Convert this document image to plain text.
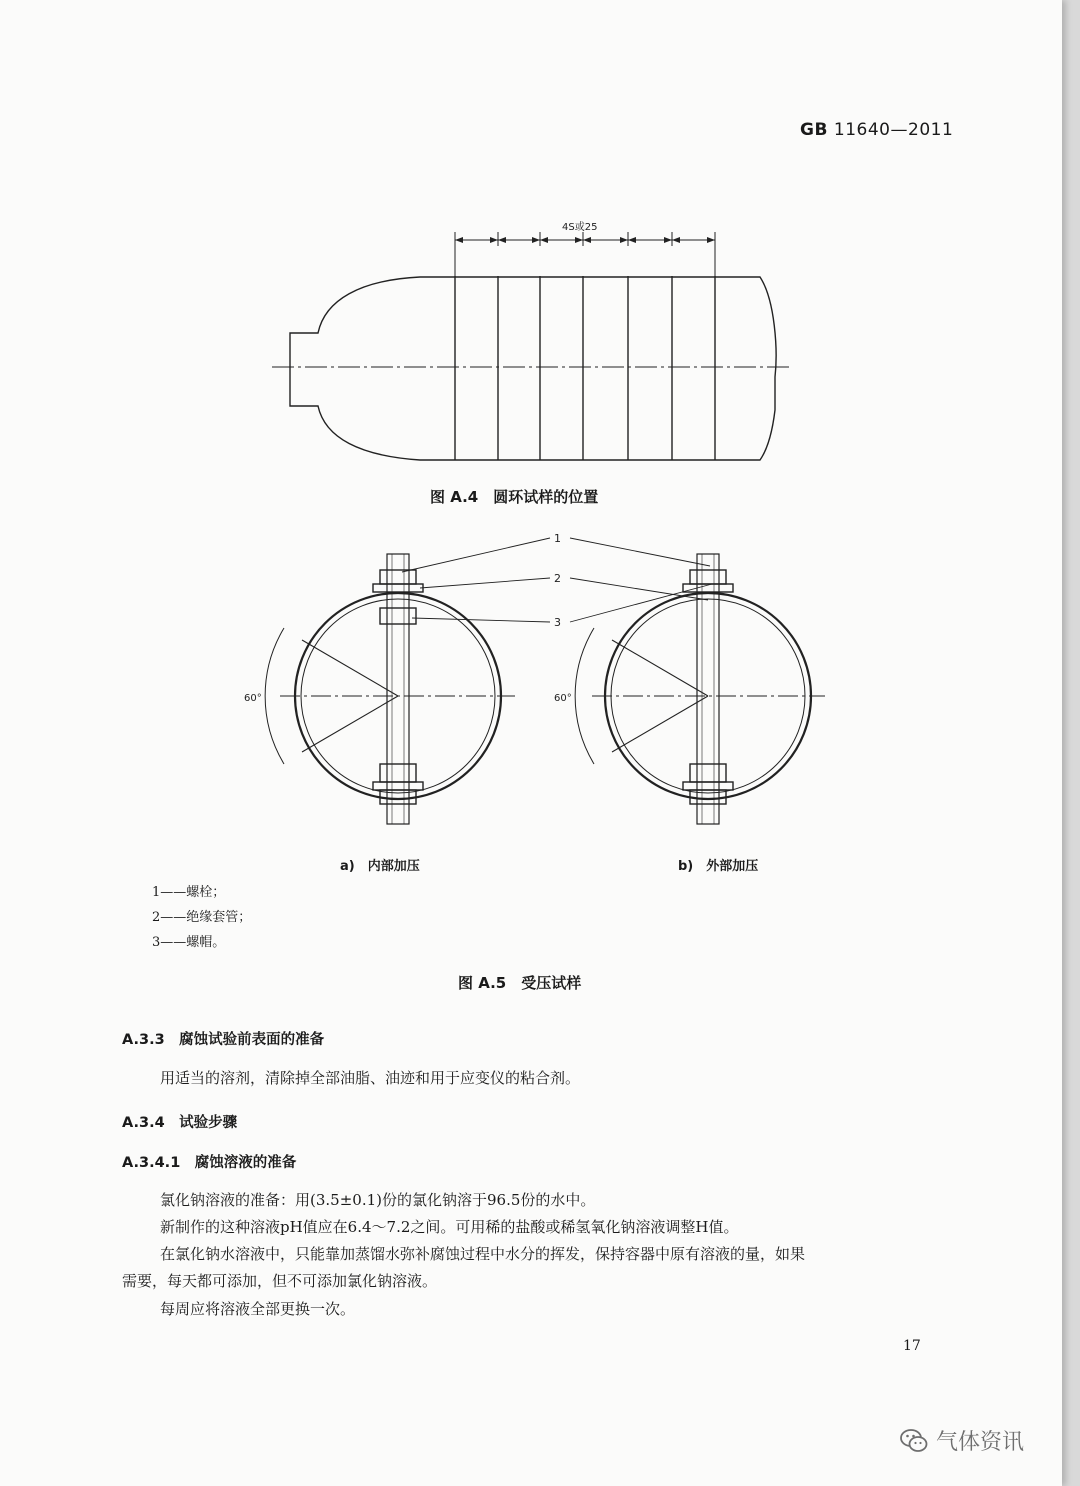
GB 11640—2011
4S或25
图 A.4　圆环试样的位置
1
2
3
60°	60°
a)　内部加压	b)　外部加压
1——螺栓；
2——绝缘套管；
3——螺帽。
图 A.5　受压试样
A.3.3　腐蚀试验前表面的准备
用适当的溶剂，清除掉全部油脂、油迹和用于应变仪的粘合剂。
A.3.4　试验步骤
A.3.4.1　腐蚀溶液的准备
氯化钠溶液的准备：用(3.5±0.1)份的氯化钠溶于96.5份的水中。
新制作的这种溶液pH值应在6.4～7.2之间。可用稀的盐酸或稀氢氧化钠溶液调整H值。
在氯化钠水溶液中，只能靠加蒸馏水弥补腐蚀过程中水分的挥发，保持容器中原有溶液的量，如果
需要，每天都可添加，但不可添加氯化钠溶液。
每周应将溶液全部更换一次。
17
气体资讯
